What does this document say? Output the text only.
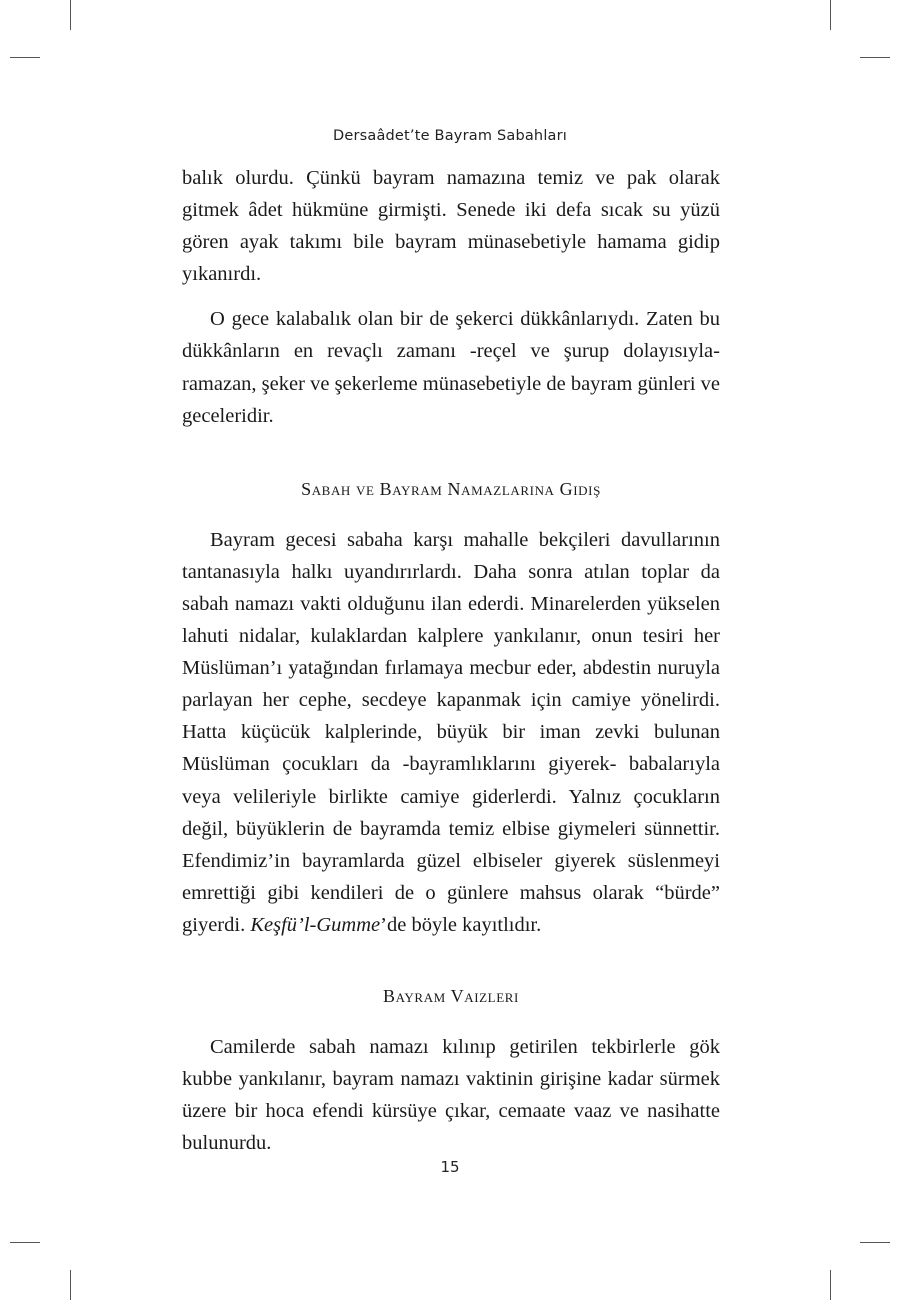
Dersaâdet’te Bayram Sabahları

balık olurdu. Çünkü bayram namazına temiz ve pak olarak gitmek âdet hükmüne girmişti. Senede iki defa sıcak su yüzü gören ayak takımı bile bayram münasebetiyle hamama gidip yıkanırdı.

O gece kalabalık olan bir de şekerci dükkânlarıydı. Zaten bu dükkânların en revaçlı zamanı -reçel ve şurup dolayısıyla- ramazan, şeker ve şekerleme münasebetiyle de bayram günleri ve geceleridir.

Sabah ve Bayram Namazlarına Gidiş

Bayram gecesi sabaha karşı mahalle bekçileri davullarının tantanasıyla halkı uyandırırlardı. Daha sonra atılan toplar da sabah namazı vakti olduğunu ilan ederdi. Minarelerden yükselen lahuti nidalar, kulaklardan kalplere yankılanır, onun tesiri her Müslüman’ı yatağından fırlamaya mecbur eder, abdestin nuruyla parlayan her cephe, secdeye kapanmak için camiye yönelirdi. Hatta küçücük kalplerinde, büyük bir iman zevki bulunan Müslüman çocukları da -bayramlıklarını giyerek- babalarıyla veya velileriyle birlikte camiye giderlerdi. Yalnız çocukların değil, büyüklerin de bayramda temiz elbise giymeleri sünnettir. Efendimiz’in bayramlarda güzel elbiseler giyerek süslenmeyi emrettiği gibi kendileri de o günlere mahsus olarak “bürde” giyerdi. Keşfü’l-Gumme’de böyle kayıtlıdır.

Bayram Vaizleri

Camilerde sabah namazı kılınıp getirilen tekbirlerle gök kubbe yankılanır, bayram namazı vaktinin girişine kadar sürmek üzere bir hoca efendi kürsüye çıkar, cemaate vaaz ve nasihatte bulunurdu.

15
